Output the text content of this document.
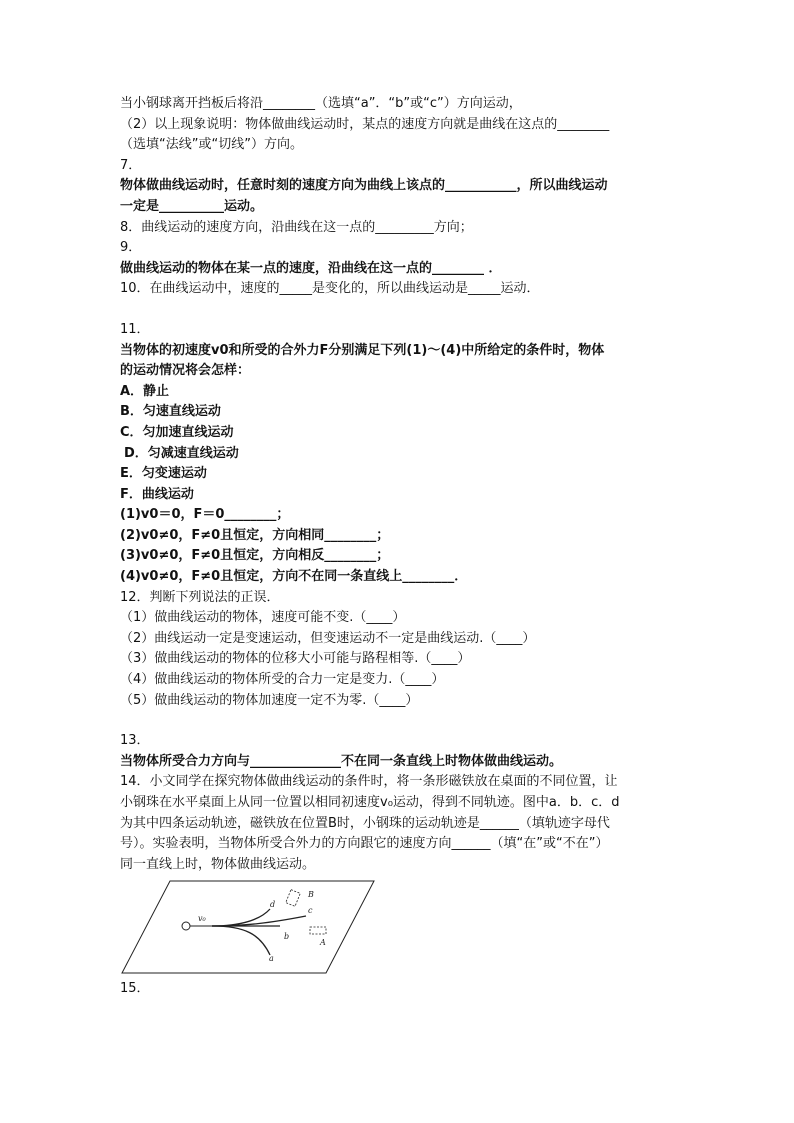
当小钢球离开挡板后将沿________（选填“a”．“b”或“c”）方向运动，
（2）以上现象说明：物体做曲线运动时，某点的速度方向就是曲线在这点的________
（选填“法线”或“切线”）方向。
7．
物体做曲线运动时，任意时刻的速度方向为曲线上该点的___________，所以曲线运动
一定是__________运动。
8．曲线运动的速度方向，沿曲线在这一点的_________方向；
9．
做曲线运动的物体在某一点的速度，沿曲线在这一点的________ ．
10．在曲线运动中，速度的_____是变化的，所以曲线运动是_____运动．
11．
当物体的初速度v0和所受的合外力F分别满足下列(1)～(4)中所给定的条件时，物体
的运动情况将会怎样：
A．静止
B．匀速直线运动
C．匀加速直线运动
D．匀减速直线运动
E．匀变速运动
F．曲线运动
(1)v0＝0，F＝0________；
(2)v0≠0，F≠0且恒定，方向相同________；
(3)v0≠0，F≠0且恒定，方向相反________；
(4)v0≠0，F≠0且恒定，方向不在同一条直线上________．
12．判断下列说法的正误．
（1）做曲线运动的物体，速度可能不变.（____）
（2）曲线运动一定是变速运动，但变速运动不一定是曲线运动.（____）
（3）做曲线运动的物体的位移大小可能与路程相等.（____）
（4）做曲线运动的物体所受的合力一定是变力.（____）
（5）做曲线运动的物体加速度一定不为零.（____）
13．
当物体所受合力方向与______________不在同一条直线上时物体做曲线运动。
14．小文同学在探究物体做曲线运动的条件时，将一条形磁铁放在桌面的不同位置，让
小钢珠在水平桌面上从同一位置以相同初速度v₀运动，得到不同轨迹。图中a．b．c．d
为其中四条运动轨迹，磁铁放在位置B时，小钢珠的运动轨迹是______（填轨迹字母代
号）。实验表明，当物体所受合外力的方向跟它的速度方向______（填“在”或“不在”）
同一直线上时，物体做曲线运动。
v₀
a
b
c
d
B
A
15．
